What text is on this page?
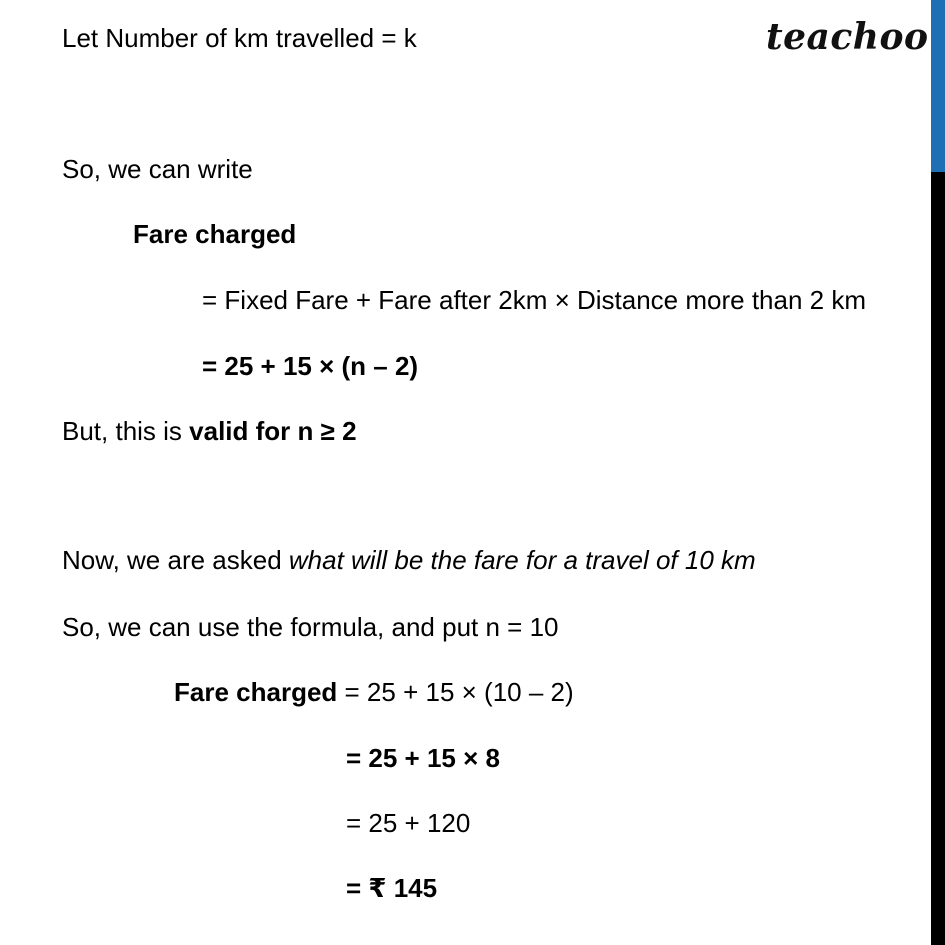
teachoo
Let Number of km travelled = k
So, we can write
Fare charged
= Fixed Fare + Fare after 2km × Distance more than 2 km
= 25 + 15 × (n – 2)
But, this is valid for n ≥ 2
Now, we are asked what will be the fare for a travel of 10 km
So, we can use the formula, and put n = 10
Fare charged = 25 + 15 × (10 – 2)
= 25 + 15 × 8
= 25 + 120
= ₹ 145
